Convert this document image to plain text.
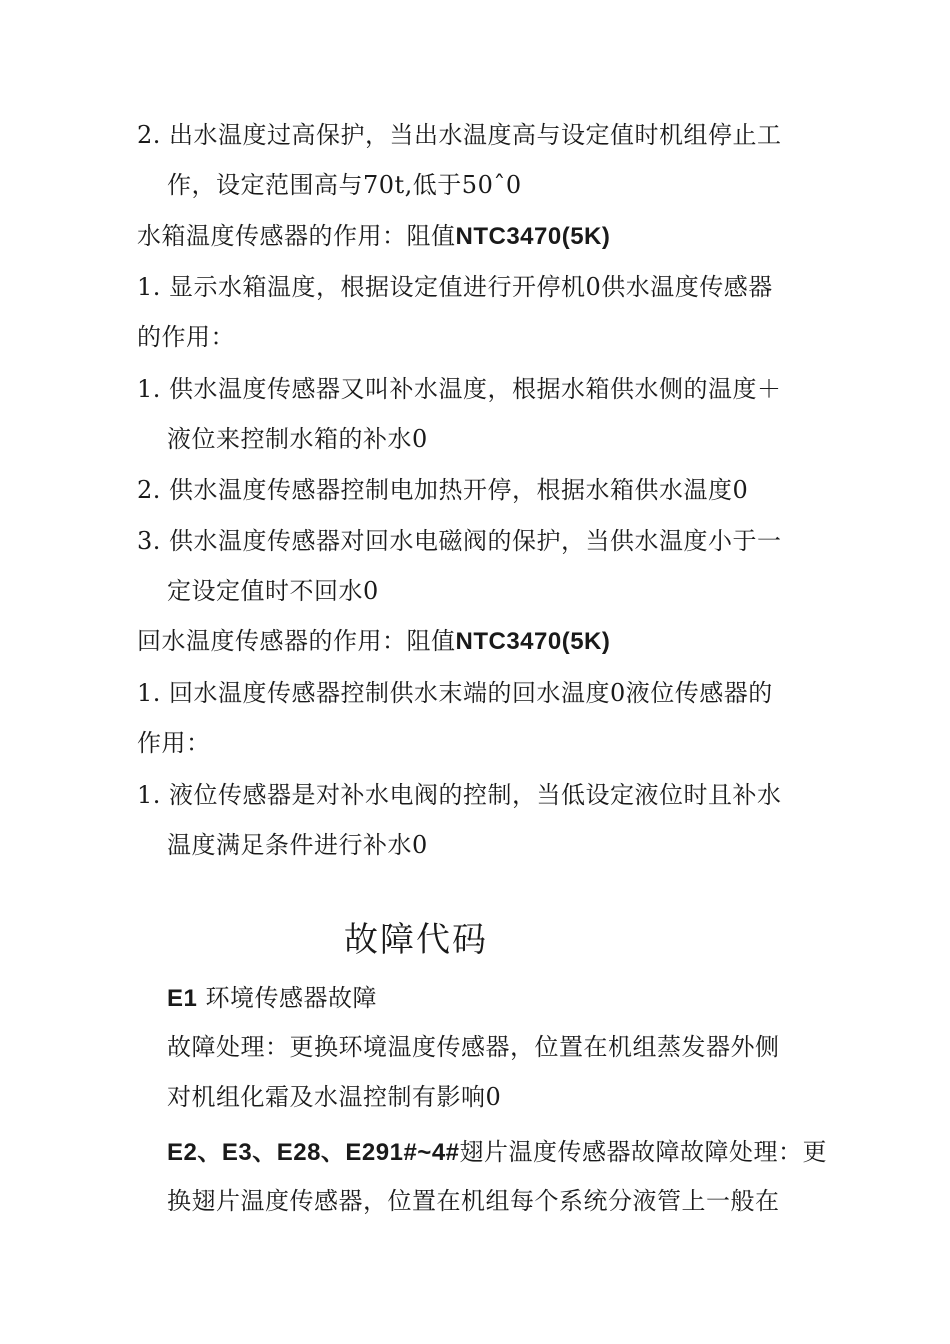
2. 出水温度过高保护，当出水温度高与设定值时机组停止工
作，设定范围高与70t,低于50ˆ0
水箱温度传感器的作用：阻值NTC3470(5K)
1. 显示水箱温度，根据设定值进行开停机0供水温度传感器
的作用：
1. 供水温度传感器又叫补水温度，根据水箱供水侧的温度＋
液位来控制水箱的补水0
2. 供水温度传感器控制电加热开停，根据水箱供水温度0
3. 供水温度传感器对回水电磁阀的保护，当供水温度小于一
定设定值时不回水0
回水温度传感器的作用：阻值NTC3470(5K)
1. 回水温度传感器控制供水末端的回水温度0液位传感器的
作用：
1. 液位传感器是对补水电阀的控制，当低设定液位时且补水
温度满足条件进行补水0
故障代码
E1 环境传感器故障
故障处理：更换环境温度传感器，位置在机组蒸发器外侧
对机组化霜及水温控制有影响0
E2、E3、E28、E291#~4#翅片温度传感器故障故障处理：更
换翅片温度传感器，位置在机组每个系统分液管上一般在
